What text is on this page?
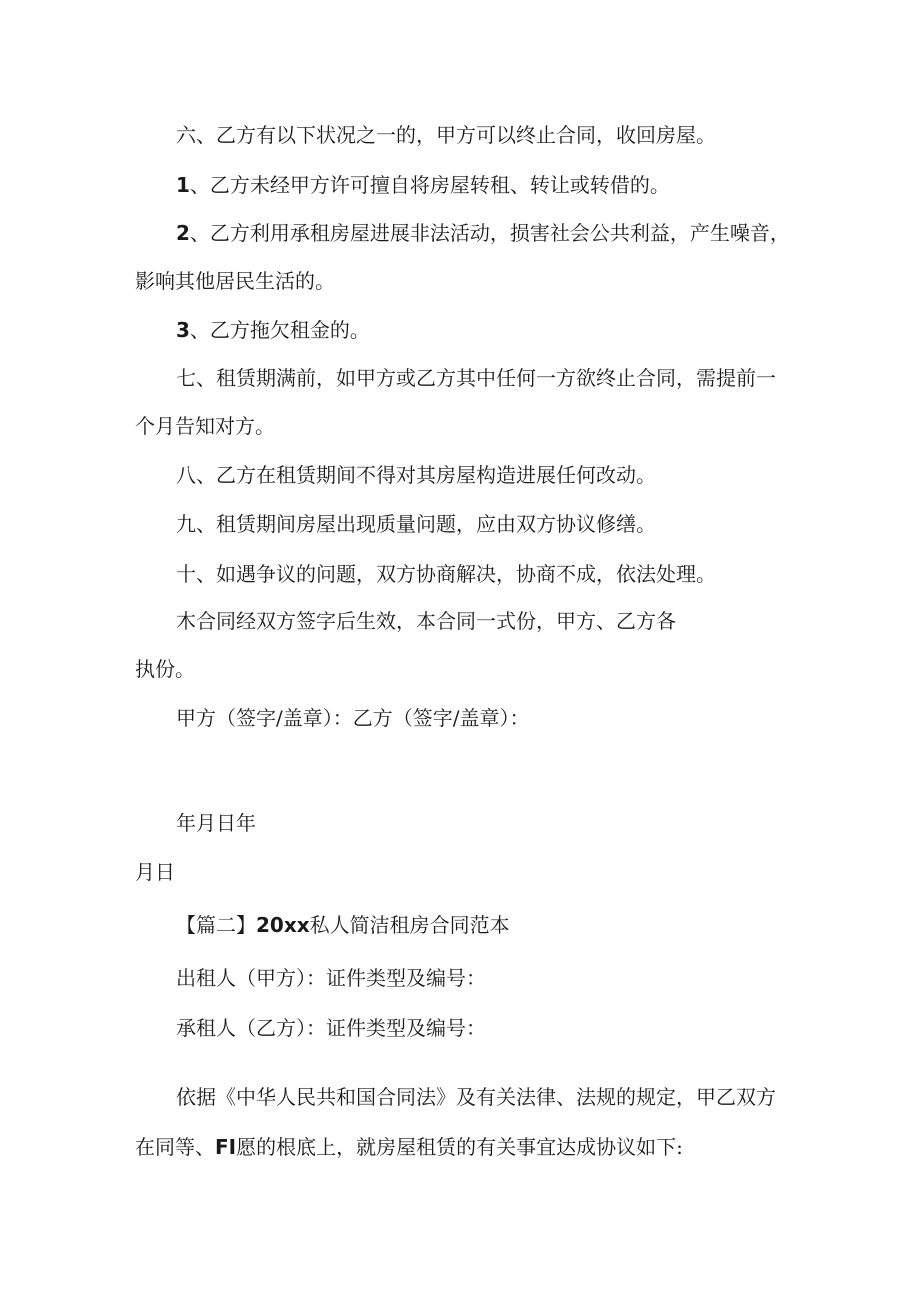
六、乙方有以下状况之一的，甲方可以终止合同，收回房屋。
1、乙方未经甲方许可擅自将房屋转租、转让或转借的。
2、乙方利用承租房屋进展非法活动，损害社会公共利益，产生噪音，
影响其他居民生活的。
3、乙方拖欠租金的。
七、租赁期满前，如甲方或乙方其中任何一方欲终止合同，需提前一
个月告知对方。
八、乙方在租赁期间不得对其房屋构造进展任何改动。
九、租赁期间房屋出现质量问题，应由双方协议修缮。
十、如遇争议的问题，双方协商解决，协商不成，依法处理。
木合同经双方签字后生效，本合同一式份，甲方、乙方各
执份。
甲方（签字/盖章）：乙方（签字/盖章）：
年月日年
月日
【篇二】20xx私人简洁租房合同范本
出租人（甲方）：证件类型及编号：
承租人（乙方）：证件类型及编号：
依据《中华人民共和国合同法》及有关法律、法规的规定，甲乙双方
在同等、FI愿的根底上，就房屋租赁的有关事宜达成协议如下:
